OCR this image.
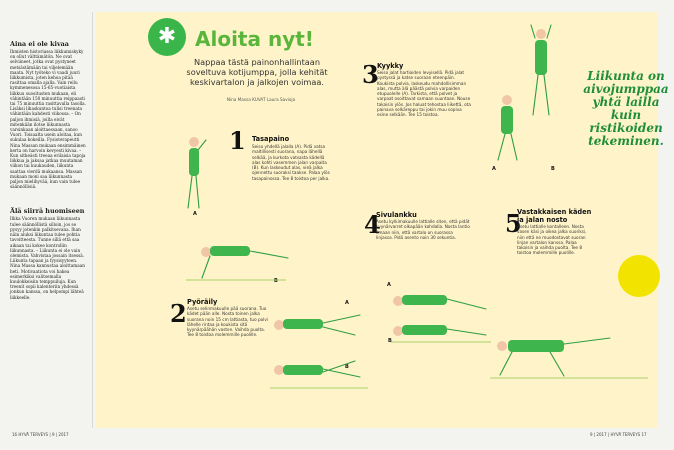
Aina ei ole kivaa

Ihmisten historiassa liikkumiskyky on ollut välttämätön. Ne ovat selviineet, jotka ovat pystyneet metsästämään tai viljelemään maata. Nyt työteko vi vaadi juuri liikkumista, joten kehoa pitää rasittaa omalla ajalla. Vain reilu kymmenesosa 15-65-vuotiaista liikkuu suositusten mukaan, eli vähintään 150 minuuttia reippaasti tai 75 minuuttia rasittavalla tasolla. Lisäksi lihaskuntoa tulisi treenata vähintään kahdesti viikossa. – On paljon ihmisiä, joilla eivät mitenkään ilotse liikunnasta varsinkaan aloittaessaan, sanoo Vuori. Toisaalta usein aloitaa, kun sukulaa kokeilla. Fysioterapeutti Nina Massan mukaan ensimmäinen kerta on harvoin kevyesti kivaa. – Kun sitkeästi treeaa erilaisia tapoja liikkua ja jaksaa jatkaa muutaman viikon tai kuukauden, liikunta saattaa vierdä mukaansa. Massan mukaan moni saa liikunnasta paljon mielihyvää, kun vain tulee säännöllisiä.

Älä siirrä huomiseen

Ilkka Vuoren mukaan liikunnasta tulee säännöllistä silloin, jos se pysyy jotenkin palkitsevana. Ihan näin aluksi liikuntaa tulee pohtia tavoitteesta. Tunne sillä että saa aikaan tai kokee kontrollin liikunnasta. – Liikunta ei ole vain olemista. Vahvistaa jossain itsessä. Liikunta tapaan ja fyysisyyteen. Nina Massa kannustaa aloittamaan heti. Motivaatiota voi hakea esimerkiksi valitsemalla kuulokkeisiin temppuiluja. Kun treenit sopii kalenteriin yhdessä jonkun kanssa, on helpompi lähteä liikkeelle.

✱ Aloita nyt!
Nappaa tästä painonhallintaan soveltuva kotijumppa, jolla kehität keskivartalon ja jalkojen voimaa.
Nina Massa KUVAT Laura Savioja
1 Tasapaino
Seiso yhdellä jalalla (A). Pidä vatsa maltillisesti suorana, napa lähellä selkää, ja kurkota vatsasta kädellä alas kohti vasemmen jalan varpaita (B). Kun laskeudut alas, vieä jalka ojennettu suoraksi taakse. Palaa ylös tasapainossa. Tee 8 toistoa per jalka.
A
B
2 Pyöräily
Asetu selinmakuulle pää suorana. Tuo kädet pään alle. Nosta toinen jalka suorana noin 15 cm lattiasta, tuo polvi lähelle rintaa ja koukista sitä kyynärpäähän vasten. Vaihda puolta. Tee 8 toistoa molemmille puolille.
A
B
3
Kyykky
Seiso jalat hartioiden levyisellä. Pidä jalat pystyssä ja katse suoraan eteenpäin. Koukista polvia, laskeudu mahdollisimman alas, mutta älä päästä polvia varpaiden etupuolelle (A). Tarkista, että polvet ja varpaat osoittavat samaan suuntaan. Nouse takaisin ylös. Jos haluat tehostaa liikettä, ota painava selkäreppu tai jokin muu sopiva esine selkään. Tee 15 toistoa.
A	B
4
Sivulankku
Asetu kylkimakuulle lattialle siten, että pidät kyynärvarret olkapään kohdalla. Nosta lantio ilmaan niin, että vartalo on suorassa linjassa. Pidä asento noin 30 sekuntia.
A
B
5
Vastakkaisen käden ja jalan nosto
Asetu lattialle kontalleen. Nosta vasen käsi ja oikea jalka suoriksi, niin että ne muodostavat suoran linjan vartalon kanssa. Palaa takaisin ja vaihda puolta. Tee 8 toistoa molemmille puolille.
Liikunta on aivojumppaa yhtä lailla kuin ristikoiden tekeminen.
16 HYVÄ TERVEYS | 9 | 2017	9 | 2017 | HYVÄ TERVEYS 17
